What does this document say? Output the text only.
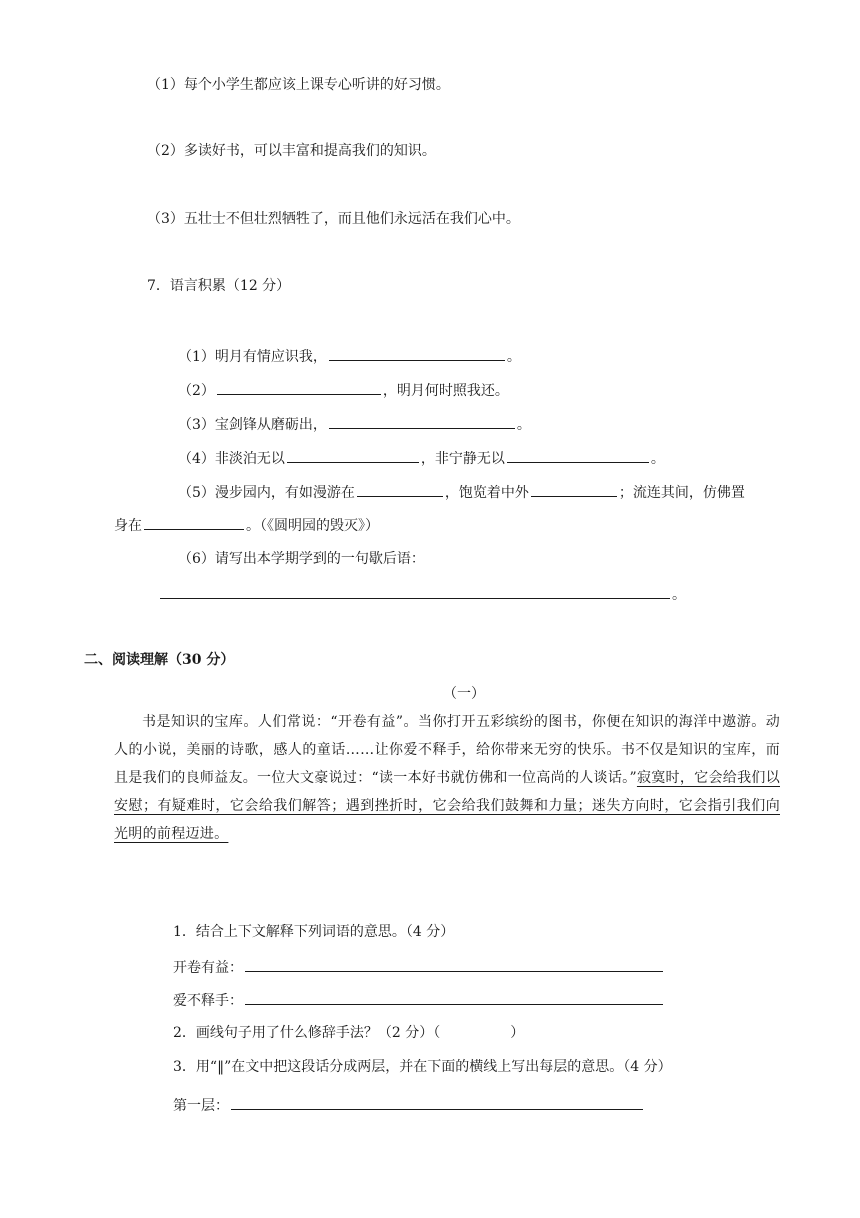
（1）每个小学生都应该上课专心听讲的好习惯。
（2）多读好书，可以丰富和提高我们的知识。
（3）五壮士不但壮烈牺牲了，而且他们永远活在我们心中。
7．语言积累（12 分）
（1）明月有情应识我，	。
（2）	，明月何时照我还。
（3）宝剑锋从磨砺出，	。
（4）非淡泊无以	，非宁静无以	。
（5）漫步园内，有如漫游在	，饱览着中外	；流连其间，仿佛置
身在	。（《圆明园的毁灭》）
（6）请写出本学期学到的一句歇后语：
。
二、阅读理解（30 分）
（一）

书是知识的宝库。人们常说：“开卷有益”。当你打开五彩缤纷的图书，你便在知识的海洋中遨游。动人的小说，美丽的诗歌，感人的童话……让你爱不释手，给你带来无穷的快乐。书不仅是知识的宝库，而且是我们的良师益友。一位大文豪说过：“读一本好书就仿佛和一位高尚的人谈话。”寂寞时，它会给我们以安慰；有疑难时，它会给我们解答；遇到挫折时，它会给我们鼓舞和力量；迷失方向时，它会指引我们向光明的前程迈进。

1．结合上下文解释下列词语的意思。（4 分）
开卷有益：
爱不释手：
2．画线句子用了什么修辞手法？（2 分）（　　　　　）
3．用“‖”在文中把这段话分成两层，并在下面的横线上写出每层的意思。（4 分）
第一层：
